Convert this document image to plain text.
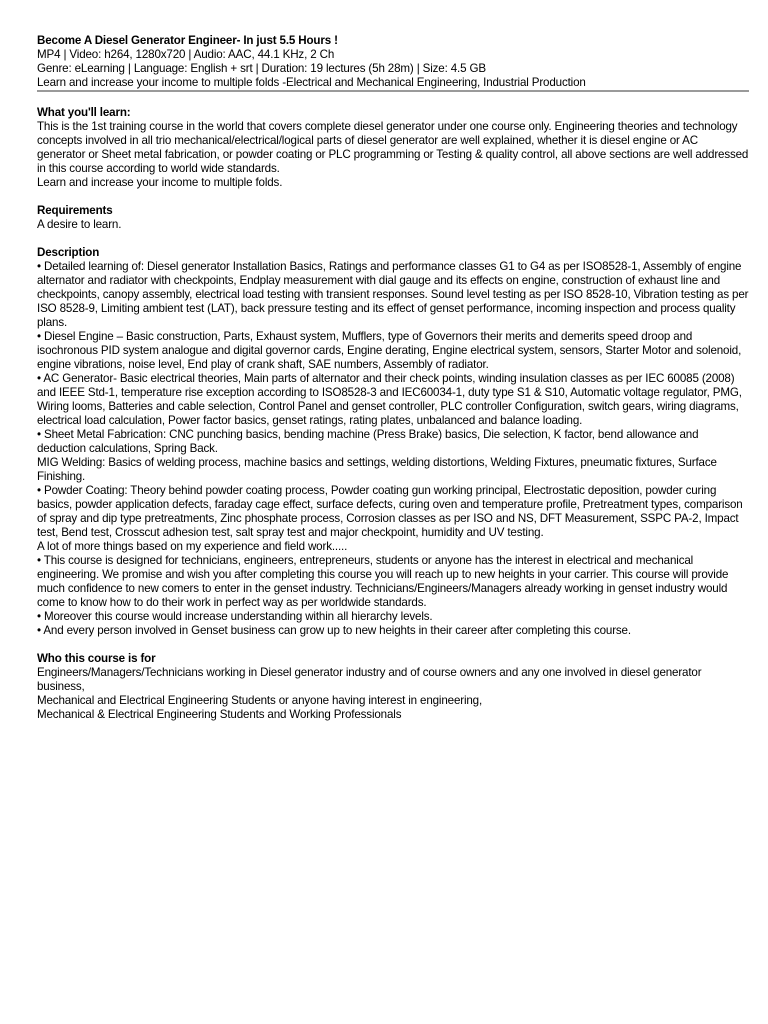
Become A Diesel Generator Engineer- In just 5.5 Hours !

MP4 | Video: h264, 1280x720 | Audio: AAC, 44.1 KHz, 2 Ch

Genre: eLearning | Language: English + srt | Duration: 19 lectures (5h 28m) | Size: 4.5 GB

Learn and increase your income to multiple folds -Electrical and Mechanical Engineering, Industrial Production

What you'll learn:

This is the 1st training course in the world that covers complete diesel generator under one course only. Engineering theories and technology concepts involved in all trio mechanical/electrical/logical parts of diesel generator are well explained, whether it is diesel engine or AC generator or Sheet metal fabrication, or powder coating or PLC programming or Testing & quality control, all above sections are well addressed in this course according to world wide standards.

Learn and increase your income to multiple folds.

Requirements

A desire to learn.

Description

• Detailed learning of: Diesel generator Installation Basics, Ratings and performance classes G1 to G4 as per ISO8528-1, Assembly of engine alternator and radiator with checkpoints, Endplay measurement with dial gauge and its effects on engine, construction of exhaust line and checkpoints, canopy assembly, electrical load testing with transient responses. Sound level testing as per ISO 8528-10, Vibration testing as per ISO 8528-9, Limiting ambient test (LAT), back pressure testing and its effect of genset performance, incoming inspection and process quality plans.

• Diesel Engine – Basic construction, Parts, Exhaust system, Mufflers, type of Governors their merits and demerits speed droop and isochronous PID system analogue and digital governor cards, Engine derating, Engine electrical system, sensors, Starter Motor and solenoid, engine vibrations, noise level, End play of crank shaft, SAE numbers, Assembly of radiator.

• AC Generator- Basic electrical theories, Main parts of alternator and their check points, winding insulation classes as per IEC 60085 (2008) and IEEE Std-1, temperature rise exception according to ISO8528-3 and IEC60034-1, duty type S1 & S10, Automatic voltage regulator, PMG, Wiring looms, Batteries and cable selection, Control Panel and genset controller, PLC controller Configuration, switch gears, wiring diagrams, electrical load calculation, Power factor basics, genset ratings, rating plates, unbalanced and balance loading.

• Sheet Metal Fabrication: CNC punching basics, bending machine (Press Brake) basics, Die selection, K factor, bend allowance and deduction calculations, Spring Back.

MIG Welding: Basics of welding process, machine basics and settings, welding distortions, Welding Fixtures, pneumatic fixtures, Surface Finishing.

• Powder Coating: Theory behind powder coating process, Powder coating gun working principal, Electrostatic deposition, powder curing basics, powder application defects, faraday cage effect, surface defects, curing oven and temperature profile, Pretreatment types, comparison of spray and dip type pretreatments, Zinc phosphate process, Corrosion classes as per ISO and NS, DFT Measurement, SSPC PA-2, Impact test, Bend test, Crosscut adhesion test, salt spray test and major checkpoint, humidity and UV testing.

A lot of more things based on my experience and field work.....

• This course is designed for technicians, engineers, entrepreneurs, students or anyone has the interest in electrical and mechanical engineering. We promise and wish you after completing this course you will reach up to new heights in your carrier. This course will provide much confidence to new comers to enter in the genset industry. Technicians/Engineers/Managers already working in genset industry would come to know how to do their work in perfect way as per worldwide standards.

• Moreover this course would increase understanding within all hierarchy levels.

• And every person involved in Genset business can grow up to new heights in their career after completing this course.

Who this course is for

Engineers/Managers/Technicians working in Diesel generator industry and of course owners and any one involved in diesel generator business,

Mechanical and Electrical Engineering Students or anyone having interest in engineering,

Mechanical & Electrical Engineering Students and Working Professionals
